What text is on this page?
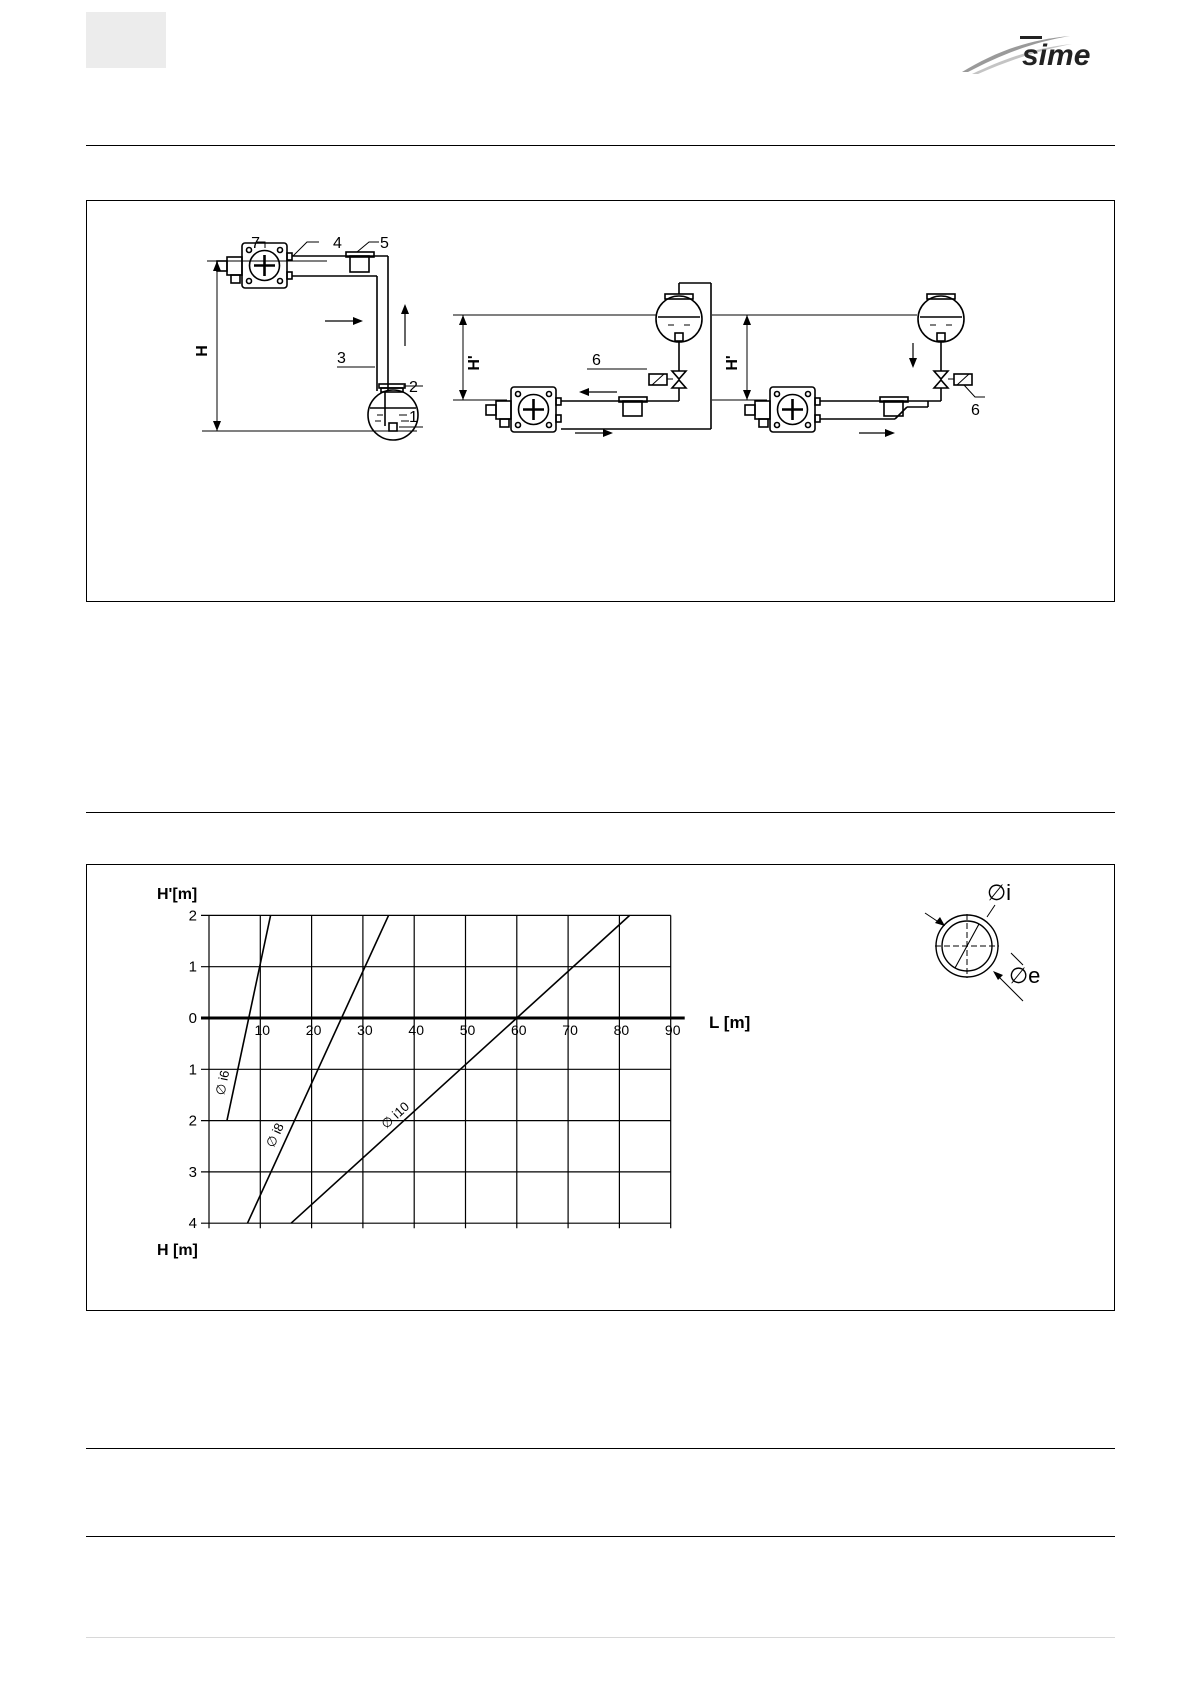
sime
7	4 5
3
2
1
6
6
H
H'	H'
2
1
0
1
2
3
4
10	20	30	40	50	60	70	80	90
∅ i6
∅ i8
∅ i10
H'[m]
H [m]
L [m]
∅i
∅e
